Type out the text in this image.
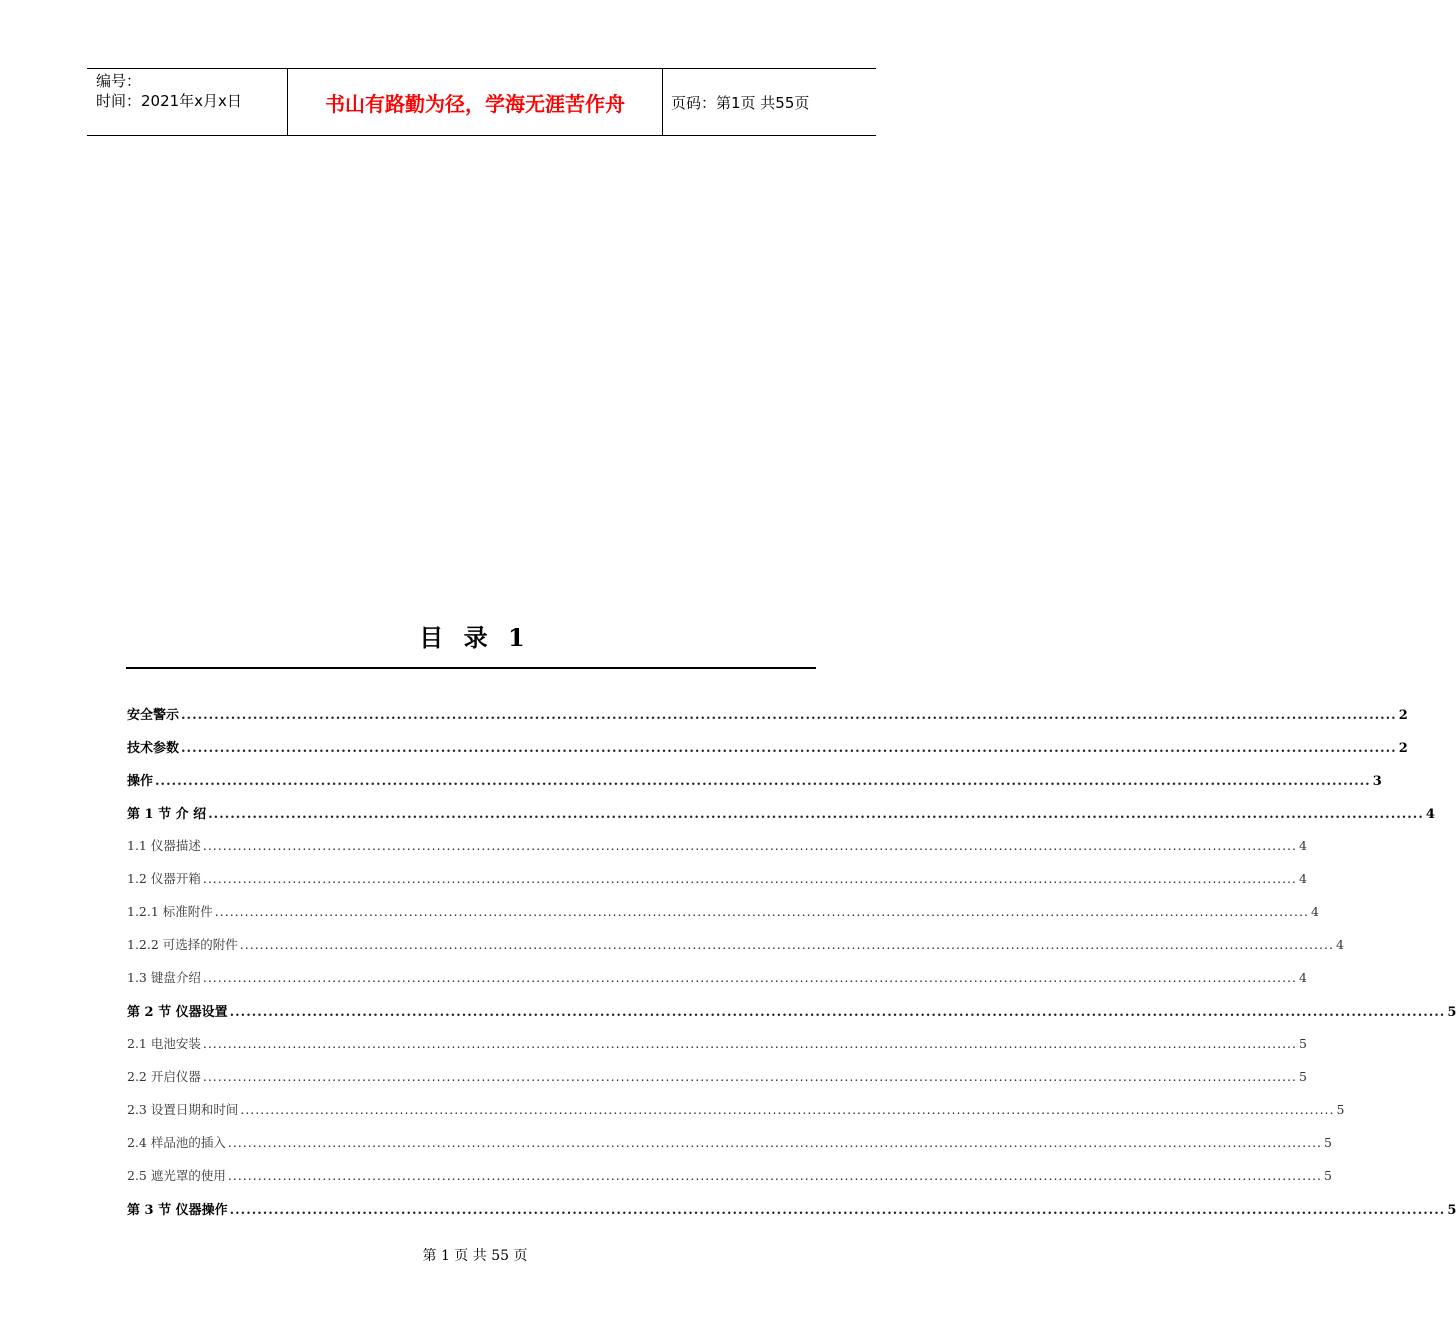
编号：
时间：2021年x月x日	书山有路勤为径，学海无涯苦作舟	页码：第1页 共55页
目 录 1
安全警示 ............................................................................................................................................................................................................................ 2
技术参数 ............................................................................................................................................................................................................................ 2
操作 ............................................................................................................................................................................................................................ 3
第 1 节 介 绍 ............................................................................................................................................................................................................................ 4
1.1 仪器描述 ............................................................................................................................................................................................................................ 4
1.2 仪器开箱 ............................................................................................................................................................................................................................ 4
1.2.1 标准附件 ............................................................................................................................................................................................................................ 4
1.2.2 可选择的附件 ............................................................................................................................................................................................................................ 4
1.3 键盘介绍 ............................................................................................................................................................................................................................ 4
第 2 节 仪器设置 ............................................................................................................................................................................................................................ 5
2.1 电池安装 ............................................................................................................................................................................................................................ 5
2.2 开启仪器 ............................................................................................................................................................................................................................ 5
2.3 设置日期和时间 ............................................................................................................................................................................................................................ 5
2.4 样品池的插入 ............................................................................................................................................................................................................................ 5
2.5 遮光罩的使用 ............................................................................................................................................................................................................................ 5
第 3 节 仪器操作 ............................................................................................................................................................................................................................ 5
第 1 页 共 55 页
